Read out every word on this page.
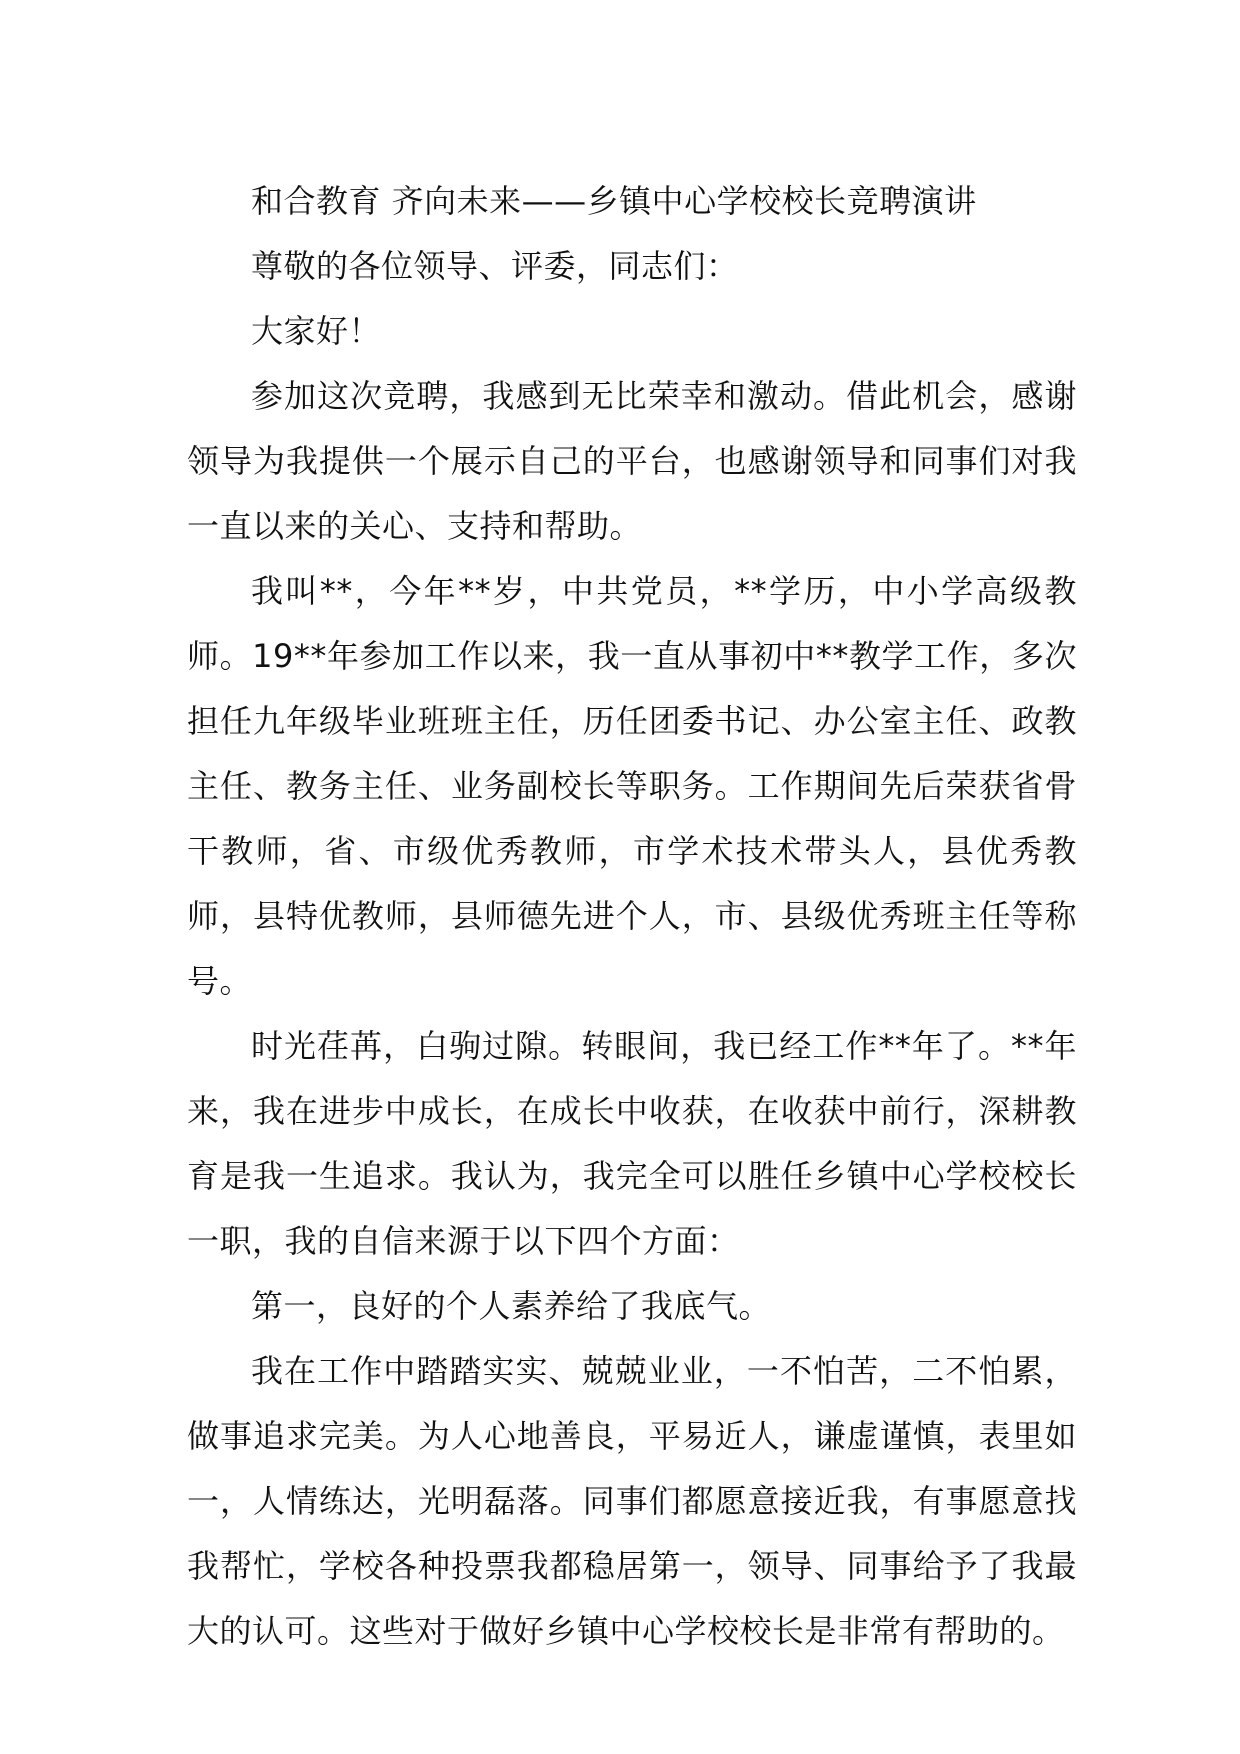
和合教育 齐向未来——乡镇中心学校校长竞聘演讲

尊敬的各位领导、评委，同志们：

大家好！

参加这次竞聘，我感到无比荣幸和激动。借此机会，感谢领导为我提供一个展示自己的平台，也感谢领导和同事们对我一直以来的关心、支持和帮助。

我叫**，今年**岁，中共党员，**学历，中小学高级教师。19**年参加工作以来，我一直从事初中**教学工作，多次担任九年级毕业班班主任，历任团委书记、办公室主任、政教主任、教务主任、业务副校长等职务。工作期间先后荣获省骨干教师，省、市级优秀教师，市学术技术带头人，县优秀教师，县特优教师，县师德先进个人，市、县级优秀班主任等称号。

时光荏苒，白驹过隙。转眼间，我已经工作**年了。**年来，我在进步中成长，在成长中收获，在收获中前行，深耕教育是我一生追求。我认为，我完全可以胜任乡镇中心学校校长一职，我的自信来源于以下四个方面：

第一，良好的个人素养给了我底气。

我在工作中踏踏实实、兢兢业业，一不怕苦，二不怕累，做事追求完美。为人心地善良，平易近人，谦虚谨慎，表里如一，人情练达，光明磊落。同事们都愿意接近我，有事愿意找我帮忙，学校各种投票我都稳居第一，领导、同事给予了我最大的认可。这些对于做好乡镇中心学校校长是非常有帮助的。
